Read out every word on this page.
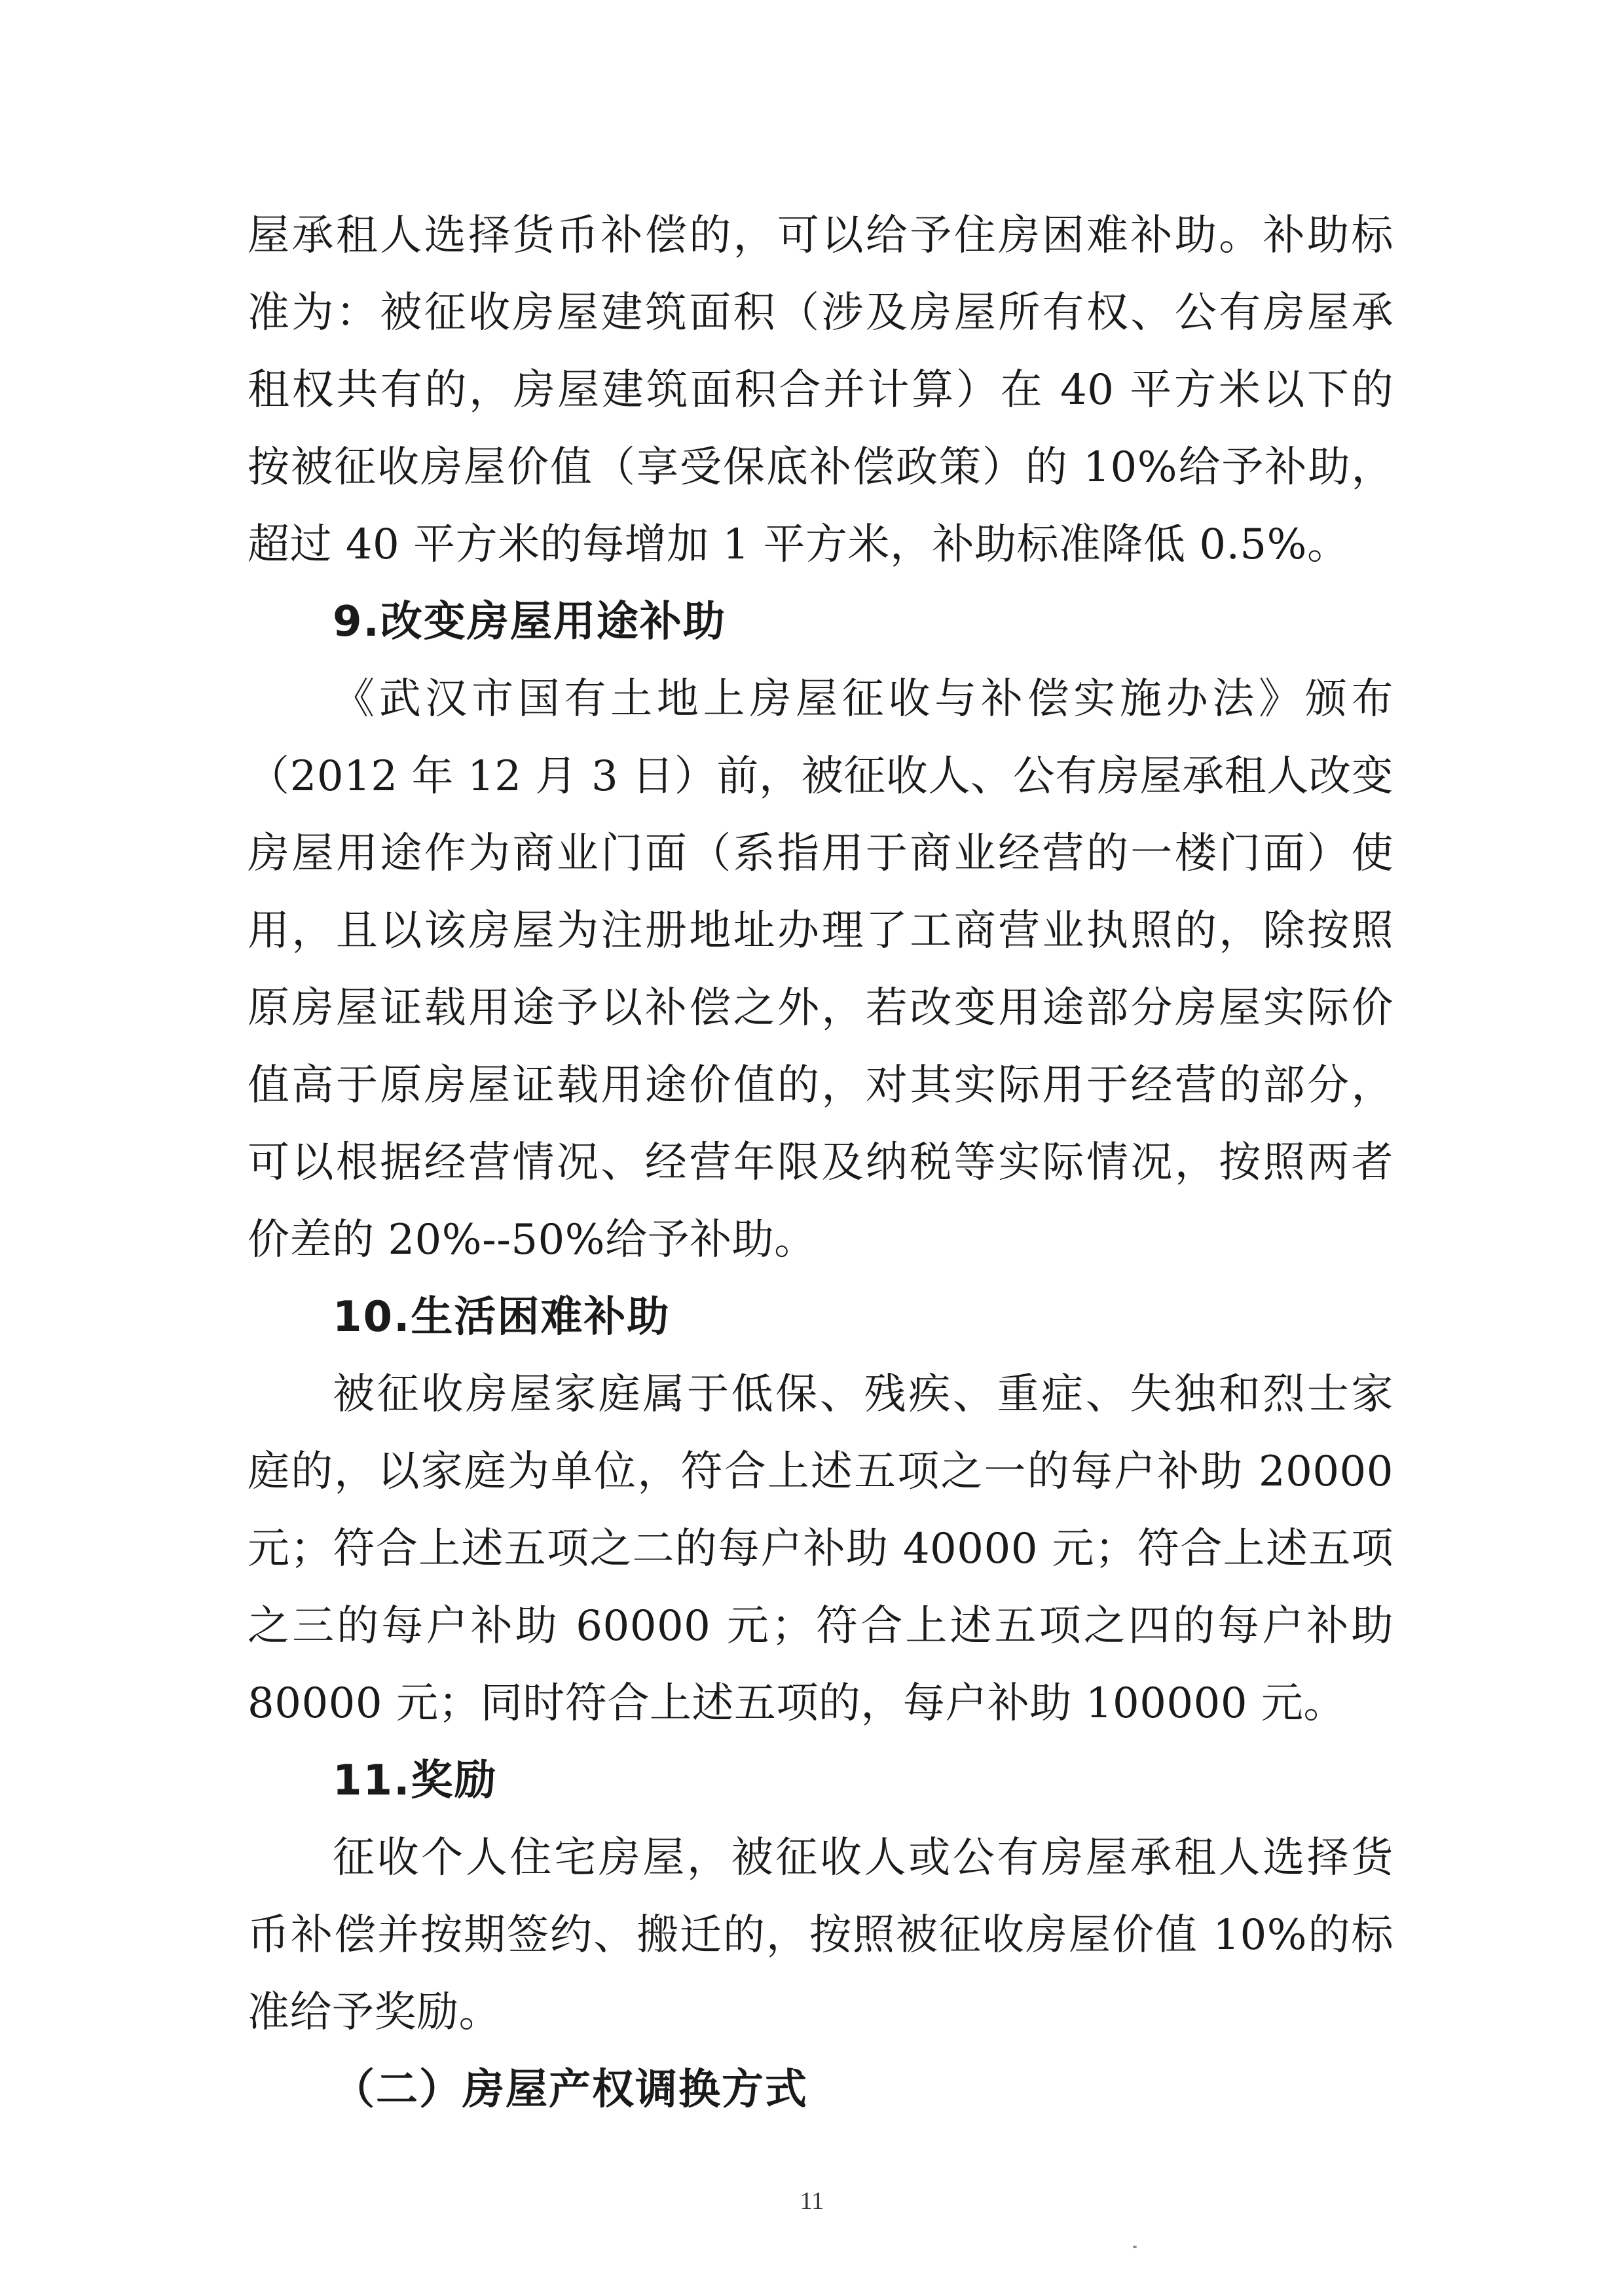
屋承租人选择货币补偿的，可以给予住房困难补助。补助标
准为：被征收房屋建筑面积（涉及房屋所有权、公有房屋承
租权共有的，房屋建筑面积合并计算）在 40 平方米以下的
按被征收房屋价值（享受保底补偿政策）的 10%给予补助，
超过 40 平方米的每增加 1 平方米，补助标准降低 0.5%。
9.改变房屋用途补助
《武汉市国有土地上房屋征收与补偿实施办法》颁布
（2012 年 12 月 3 日）前，被征收人、公有房屋承租人改变
房屋用途作为商业门面（系指用于商业经营的一楼门面）使
用，且以该房屋为注册地址办理了工商营业执照的，除按照
原房屋证载用途予以补偿之外，若改变用途部分房屋实际价
值高于原房屋证载用途价值的，对其实际用于经营的部分，
可以根据经营情况、经营年限及纳税等实际情况，按照两者
价差的 20%--50%给予补助。
10.生活困难补助
被征收房屋家庭属于低保、残疾、重症、失独和烈士家
庭的，以家庭为单位，符合上述五项之一的每户补助 20000
元；符合上述五项之二的每户补助 40000 元；符合上述五项
之三的每户补助 60000 元；符合上述五项之四的每户补助
80000 元；同时符合上述五项的，每户补助 100000 元。
11.奖励
征收个人住宅房屋，被征收人或公有房屋承租人选择货
币补偿并按期签约、搬迁的，按照被征收房屋价值 10%的标
准给予奖励。
（二）房屋产权调换方式
11
